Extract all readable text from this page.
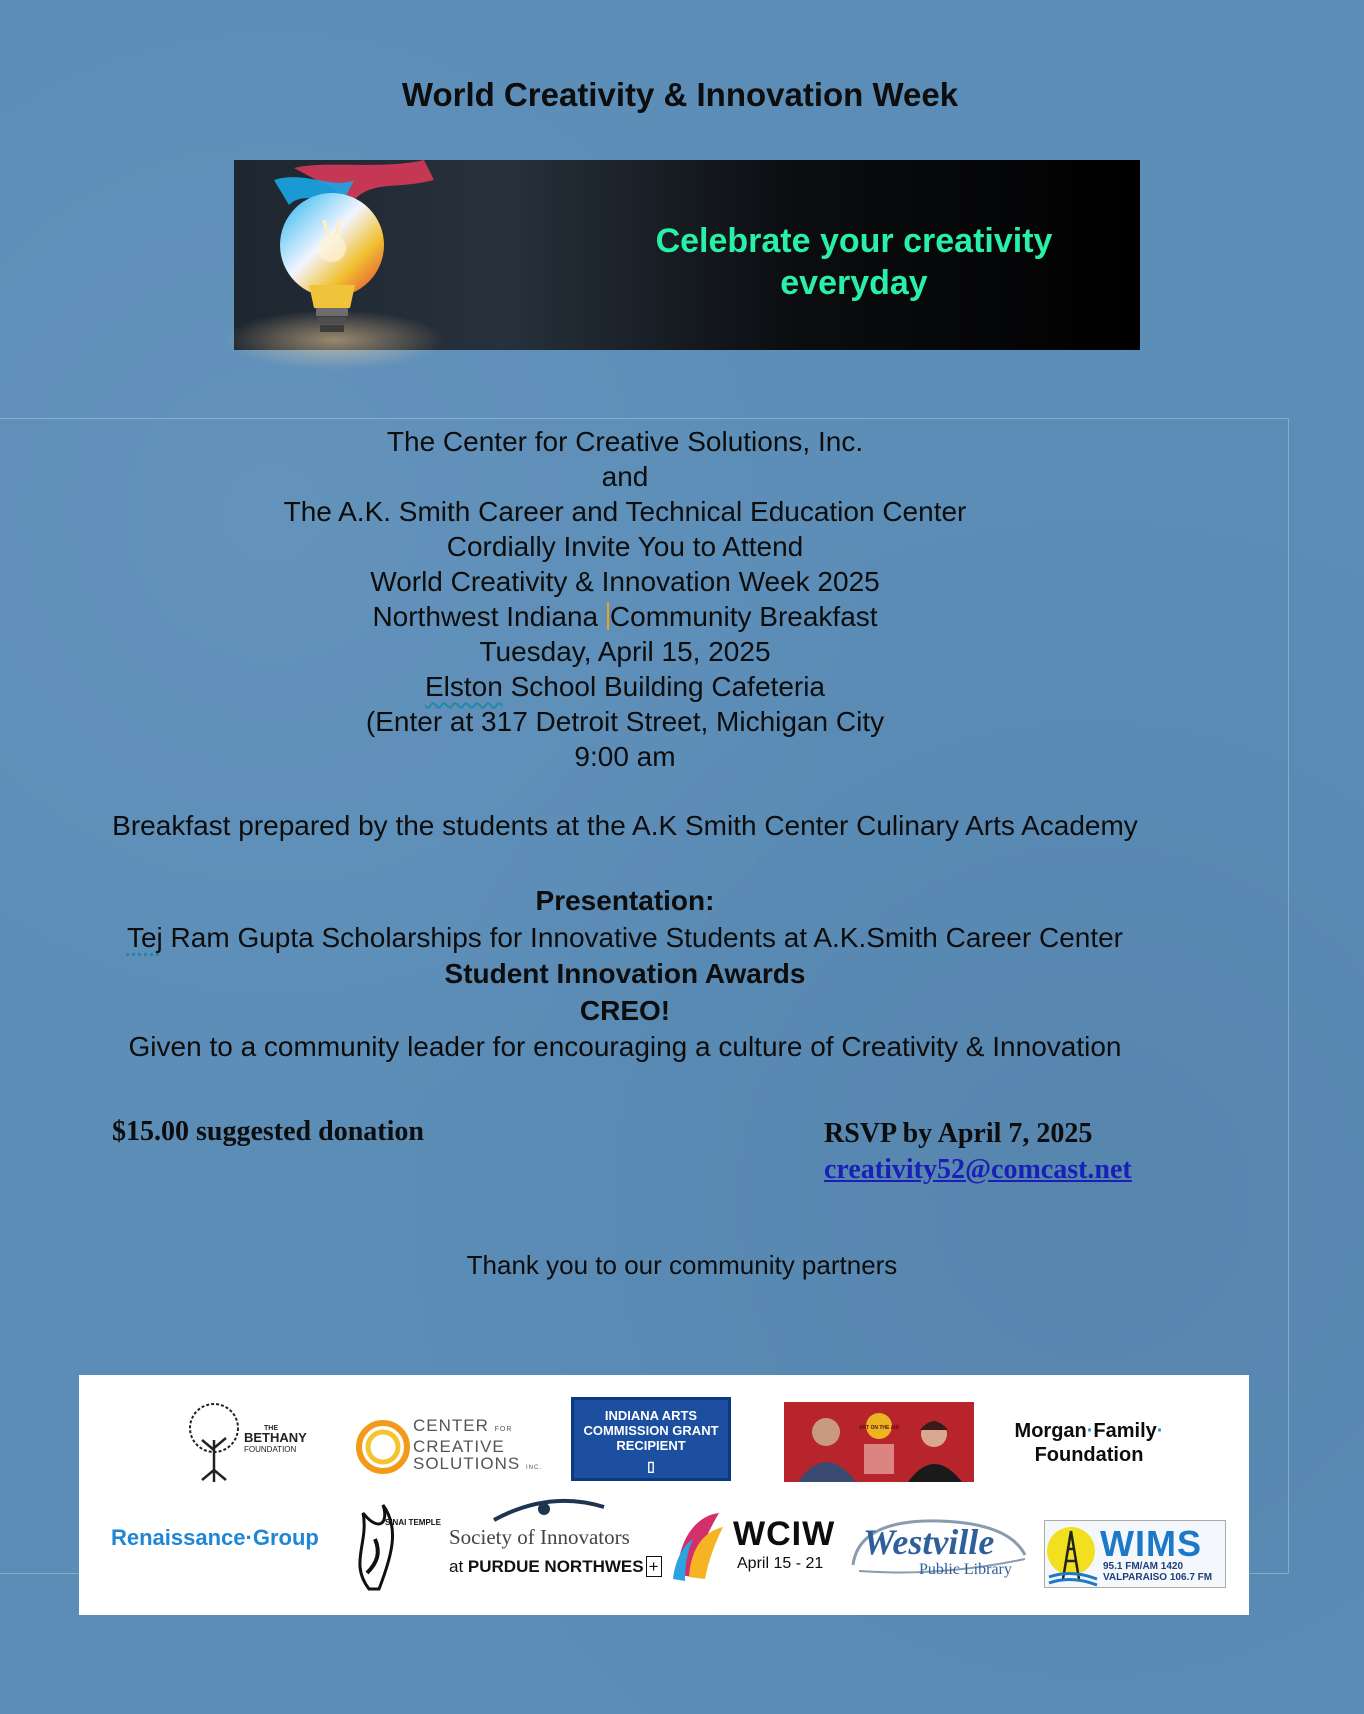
World Creativity & Innovation Week
Celebrate your creativity
everyday
The Center for Creative Solutions, Inc.
and
The A.K. Smith Career and Technical Education Center
Cordially Invite You to Attend
World Creativity & Innovation Week 2025
Northwest Indiana Community Breakfast
Tuesday, April 15, 2025
Elston School Building Cafeteria
(Enter at 317 Detroit Street, Michigan City
9:00 am
Breakfast prepared by the students at the A.K Smith Center Culinary Arts Academy
Presentation:
Tej Ram Gupta Scholarships for Innovative Students at A.K.Smith Career Center
Student Innovation Awards
CREO!
Given to a community leader for encouraging a culture of Creativity & Innovation
$15.00 suggested donation	RSVP by April 7, 2025
creativity52@comcast.net
Thank you to our community partners
THE
BETHANY
FOUNDATION
CENTER FOR
CREATIVE
SOLUTIONS INC.
INDIANA ARTS
COMMISSION GRANT
RECIPIENT
▯
ART ON THE AIR	Morgan·Family·
Foundation
Renaissance·Group
SINAI TEMPLE
Society of Innovators
at PURDUE NORTHWES +
WCIW
April 15 - 21
Westville
Public Library
WIMS
95.1 FM/AM 1420
VALPARAISO 106.7 FM
